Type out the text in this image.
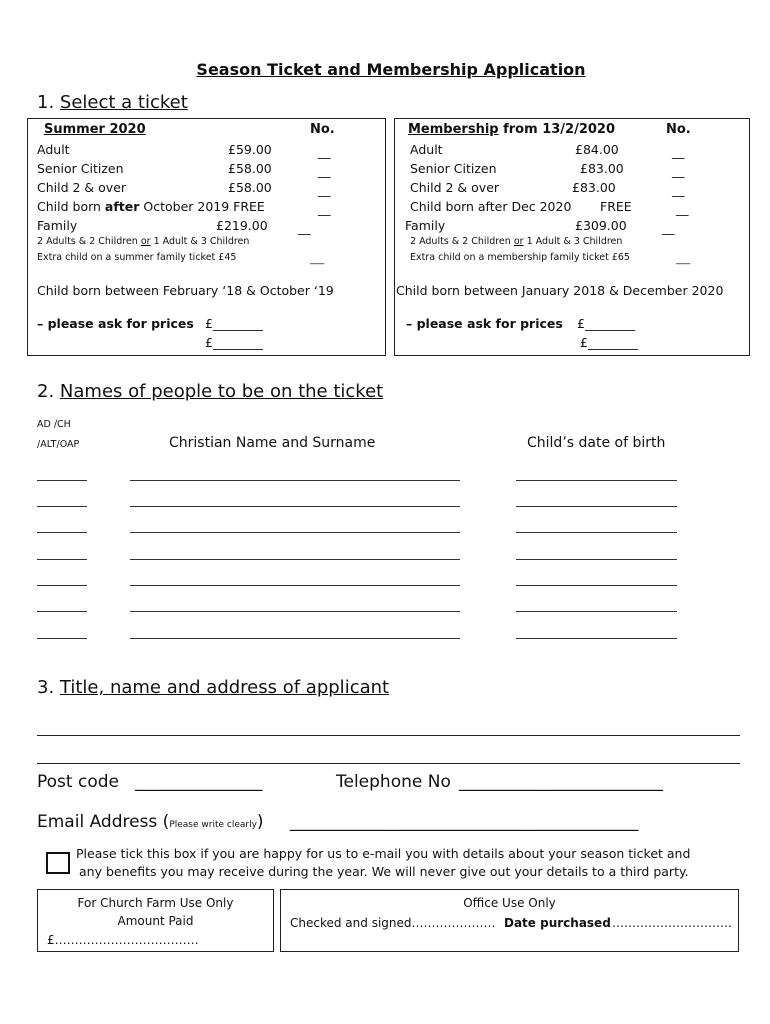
Season Ticket and Membership Application
1. Select a ticket
Summer 2020	No.
Adult	£59.00	__
Senior Citizen	£58.00	__
Child 2 & over	£58.00	__
Child born after October 2019 FREE	__
Family	£219.00 __
2 Adults & 2 Children or 1 Adult & 3 Children
Extra child on a summer family ticket £45	___
Child born between February ‘18 & October ‘19
– please ask for prices £________
£________
Membership from 13/2/2020	No.
Adult	£84.00	__
Senior Citizen	£83.00	__
Child 2 & over	£83.00	__
Child born after Dec 2020 FREE	__
Family	£309.00	__
2 Adults & 2 Children or 1 Adult & 3 Children
Extra child on a membership family ticket £65	___
Child born between January 2018 & December 2020
– please ask for prices £________
£________
2. Names of people to be on the ticket
AD /CH
/ALT/OAP	Christian Name and Surname	Child’s date of birth
3. Title, name and address of applicant
Post code _______________	Telephone No ________________________
Email Address (Please write clearly) _________________________________________
Please tick this box if you are happy for us to e-mail you with details about your season ticket and
any benefits you may receive during the year. We will never give out your details to a third party.
For Church Farm Use Only
Amount Paid
£………………………………
Office Use Only
Checked and signed………………… Date purchased …………………………
